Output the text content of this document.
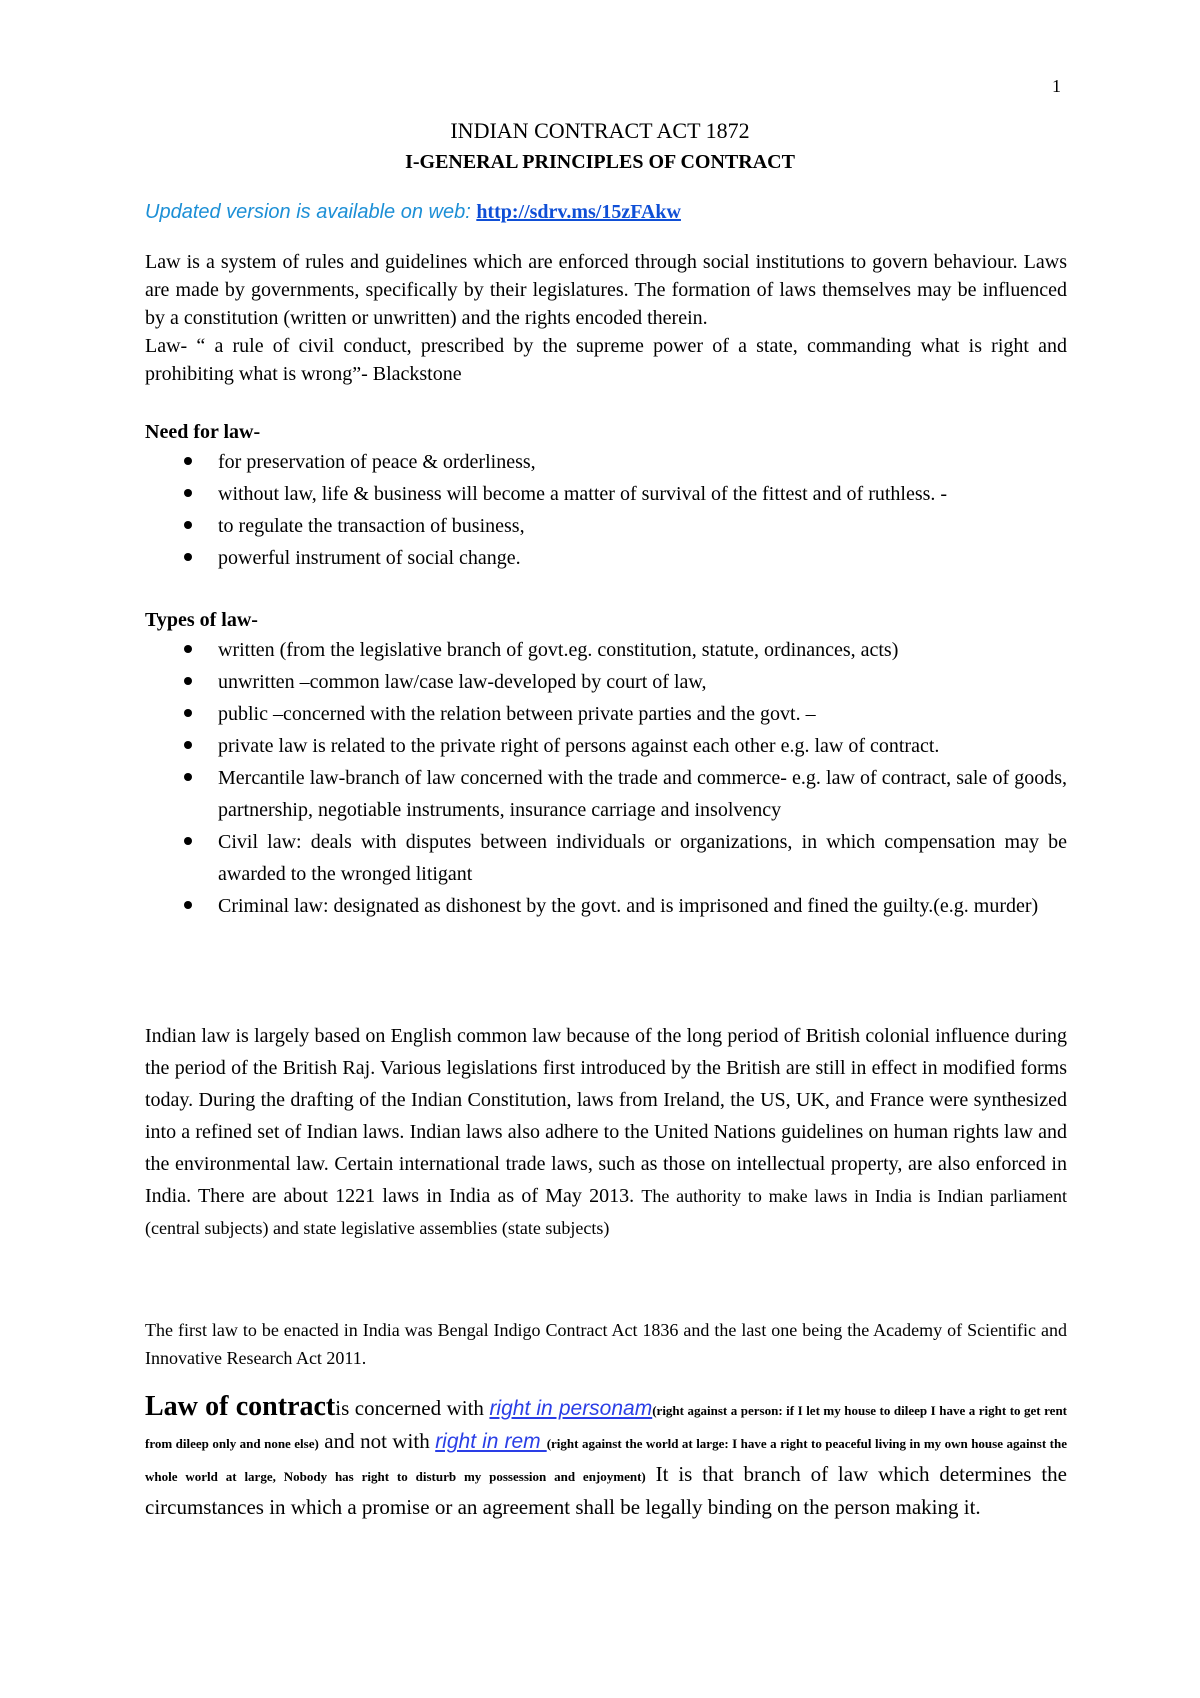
1
INDIAN CONTRACT ACT 1872
I-GENERAL PRINCIPLES OF CONTRACT
Updated version is available on web: http://sdrv.ms/15zFAkw

Law is a system of rules and guidelines which are enforced through social institutions to govern behaviour. Laws are made by governments, specifically by their legislatures. The formation of laws themselves may be influenced by a constitution (written or unwritten) and the rights encoded therein.

Law- “ a rule of civil conduct, prescribed by the supreme power of a state, commanding what is right and prohibiting what is wrong”- Blackstone

Need for law-
for preservation of peace & orderliness,
without law, life & business will become a matter of survival of the fittest and of ruthless. -
to regulate the transaction of business,
powerful instrument of social change.
Types of law-
written (from the legislative branch of govt.eg. constitution, statute, ordinances, acts)
unwritten –common law/case law-developed by court of law,
public –concerned with the relation between private parties and the govt. –
private law is related to the private right of persons against each other e.g. law of contract.
Mercantile law-branch of law concerned with the trade and commerce- e.g. law of contract, sale of goods, partnership, negotiable instruments, insurance carriage and insolvency
Civil law: deals with disputes between individuals or organizations, in which compensation may be awarded to the wronged litigant
Criminal law: designated as dishonest by the govt. and is imprisoned and fined the guilty.(e.g. murder)

Indian law is largely based on English common law because of the long period of British colonial influence during the period of the British Raj. Various legislations first introduced by the British are still in effect in modified forms today. During the drafting of the Indian Constitution, laws from Ireland, the US, UK, and France were synthesized into a refined set of Indian laws. Indian laws also adhere to the United Nations guidelines on human rights law and the environmental law. Certain international trade laws, such as those on intellectual property, are also enforced in India. There are about 1221 laws in India as of May 2013. The authority to make laws in India is Indian parliament (central subjects) and state legislative assemblies (state subjects)

The first law to be enacted in India was Bengal Indigo Contract Act 1836 and the last one being the Academy of Scientific and Innovative Research Act 2011.

Law of contractis concerned with right in personam(right against a person: if I let my house to dileep I have a right to get rent from dileep only and none else) and not with right in rem (right against the world at large: I have a right to peaceful living in my own house against the whole world at large, Nobody has right to disturb my possession and enjoyment) It is that branch of law which determines the circumstances in which a promise or an agreement shall be legally binding on the person making it.
